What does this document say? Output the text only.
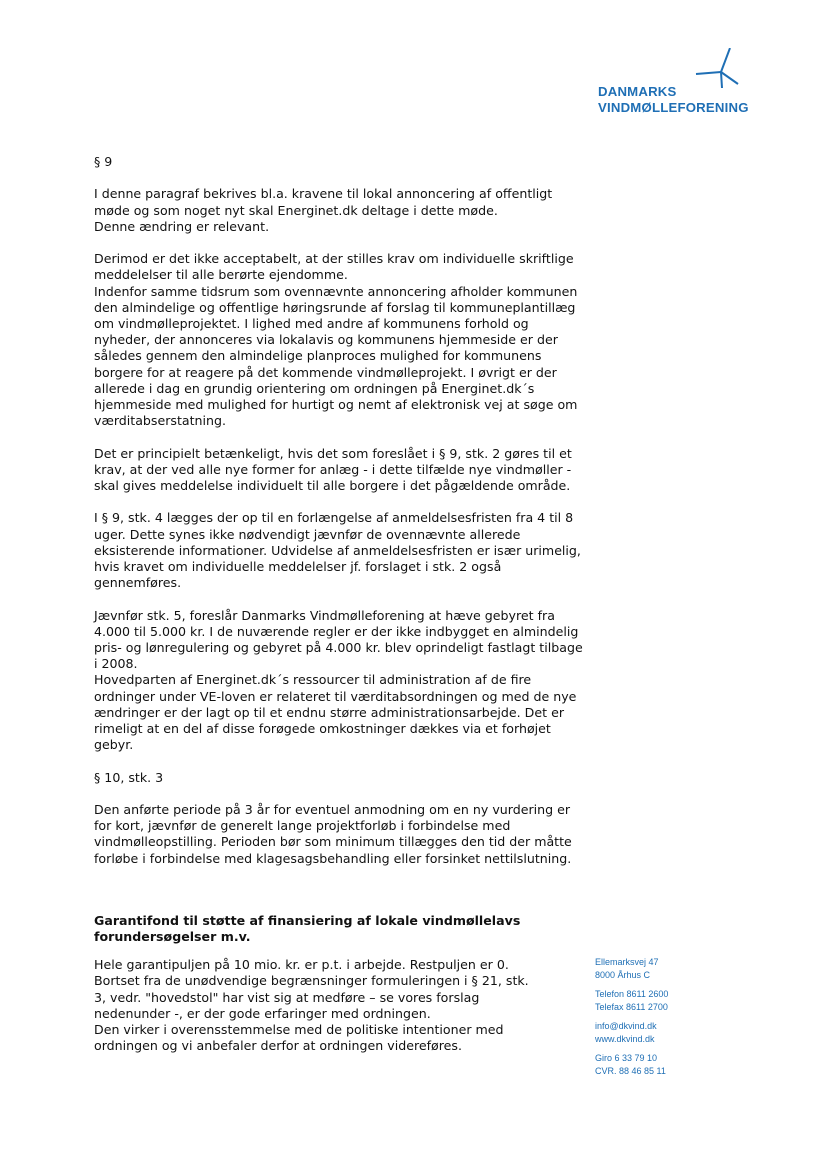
DANMARKS
VINDMØLLEFORENING

§ 9

I denne paragraf bekrives bl.a. kravene til lokal annoncering af offentligt
møde og som noget nyt skal Energinet.dk deltage i dette møde.
Denne ændring er relevant.

Derimod er det ikke acceptabelt, at der stilles krav om individuelle skriftlige
meddelelser til alle berørte ejendomme.
Indenfor samme tidsrum som ovennævnte annoncering afholder kommunen
den almindelige og offentlige høringsrunde af forslag til kommuneplantillæg
om vindmølleprojektet. I lighed med andre af kommunens forhold og
nyheder, der annonceres via lokalavis og kommunens hjemmeside er der
således gennem den almindelige planproces mulighed for kommunens
borgere for at reagere på det kommende vindmølleprojekt. I øvrigt er der
allerede i dag en grundig orientering om ordningen på Energinet.dk´s
hjemmeside med mulighed for hurtigt og nemt af elektronisk vej at søge om
værditabserstatning.

Det er principielt betænkeligt, hvis det som foreslået i § 9, stk. 2 gøres til et
krav, at der ved alle nye former for anlæg - i dette tilfælde nye vindmøller -
skal gives meddelelse individuelt til alle borgere i det pågældende område.

I § 9, stk. 4 lægges der op til en forlængelse af anmeldelsesfristen fra 4 til 8
uger. Dette synes ikke nødvendigt jævnfør de ovennævnte allerede
eksisterende informationer. Udvidelse af anmeldelsesfristen er især urimelig,
hvis kravet om individuelle meddelelser jf. forslaget i stk. 2 også
gennemføres.

Jævnfør stk. 5, foreslår Danmarks Vindmølleforening at hæve gebyret fra
4.000 til 5.000 kr. I de nuværende regler er der ikke indbygget en almindelig
pris- og lønregulering og gebyret på 4.000 kr. blev oprindeligt fastlagt tilbage
i 2008.
Hovedparten af Energinet.dk´s ressourcer til administration af de fire
ordninger under VE-loven er relateret til værditabsordningen og med de nye
ændringer er der lagt op til et endnu større administrationsarbejde. Det er
rimeligt at en del af disse forøgede omkostninger dækkes via et forhøjet
gebyr.

§ 10, stk. 3

Den anførte periode på 3 år for eventuel anmodning om en ny vurdering er
for kort, jævnfør de generelt lange projektforløb i forbindelse med
vindmølleopstilling. Perioden bør som minimum tillægges den tid der måtte
forløbe i forbindelse med klagesagsbehandling eller forsinket nettilslutning.

Garantifond til støtte af finansiering af lokale vindmøllelavs
forundersøgelser m.v.

Hele garantipuljen på 10 mio. kr. er p.t. i arbejde. Restpuljen er 0.
Bortset fra de unødvendige begrænsninger formuleringen i § 21, stk.
3, vedr. "hovedstol" har vist sig at medføre – se vores forslag
nedenunder -, er der gode erfaringer med ordningen.
Den virker i overensstemmelse med de politiske intentioner med
ordningen og vi anbefaler derfor at ordningen videreføres.

Ellemarksvej 47
8000 Århus C
Telefon 8611 2600
Telefax 8611 2700
info@dkvind.dk
www.dkvind.dk
Giro 6 33 79 10
CVR. 88 46 85 11
